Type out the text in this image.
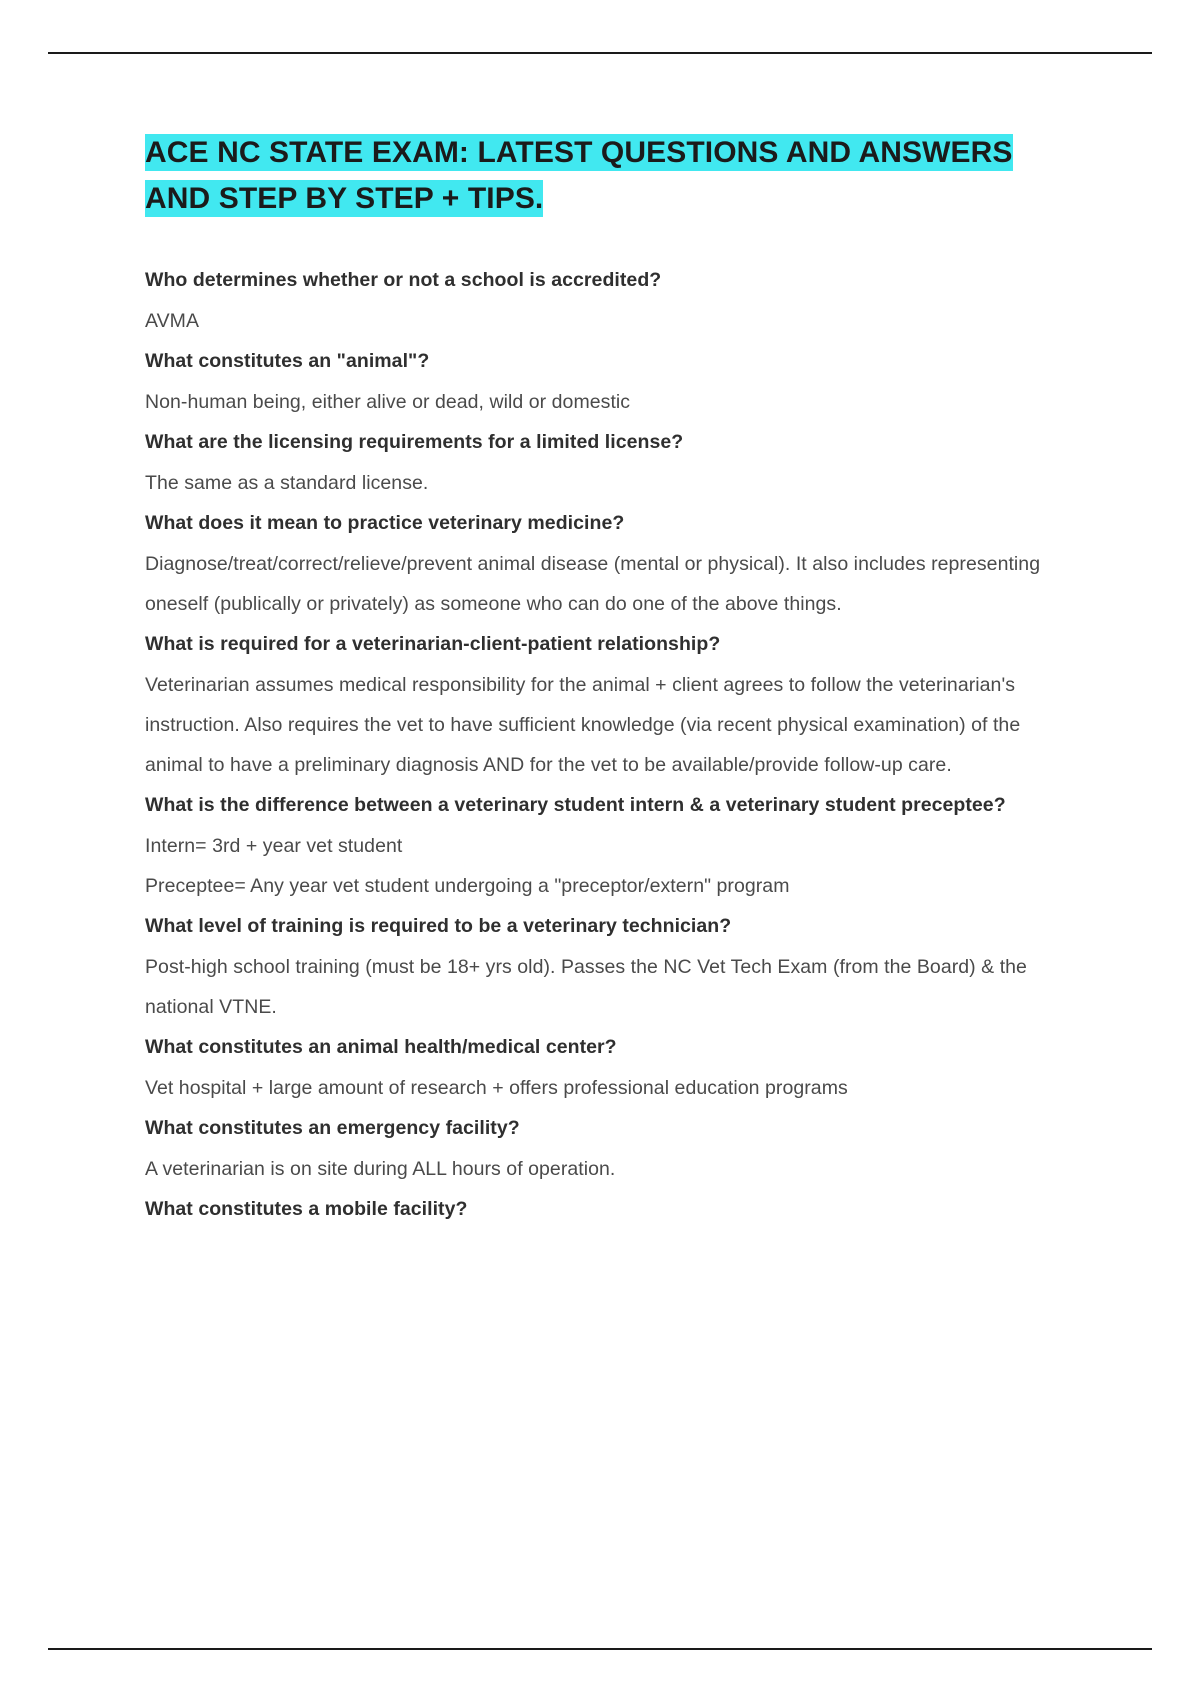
ACE NC STATE EXAM: LATEST QUESTIONS AND ANSWERS
AND STEP BY STEP + TIPS.

Who determines whether or not a school is accredited?

AVMA

What constitutes an "animal"?

Non-human being, either alive or dead, wild or domestic

What are the licensing requirements for a limited license?

The same as a standard license.

What does it mean to practice veterinary medicine?

Diagnose/treat/correct/relieve/prevent animal disease (mental or physical). It also includes representing oneself (publically or privately) as someone who can do one of the above things.

What is required for a veterinarian-client-patient relationship?

Veterinarian assumes medical responsibility for the animal + client agrees to follow the veterinarian's instruction. Also requires the vet to have sufficient knowledge (via recent physical examination) of the animal to have a preliminary diagnosis AND for the vet to be available/provide follow-up care.

What is the difference between a veterinary student intern & a veterinary student preceptee?

Intern= 3rd + year vet student

Preceptee= Any year vet student undergoing a "preceptor/extern" program

What level of training is required to be a veterinary technician?

Post-high school training (must be 18+ yrs old). Passes the NC Vet Tech Exam (from the Board) & the national VTNE.

What constitutes an animal health/medical center?

Vet hospital + large amount of research + offers professional education programs

What constitutes an emergency facility?

A veterinarian is on site during ALL hours of operation.

What constitutes a mobile facility?
